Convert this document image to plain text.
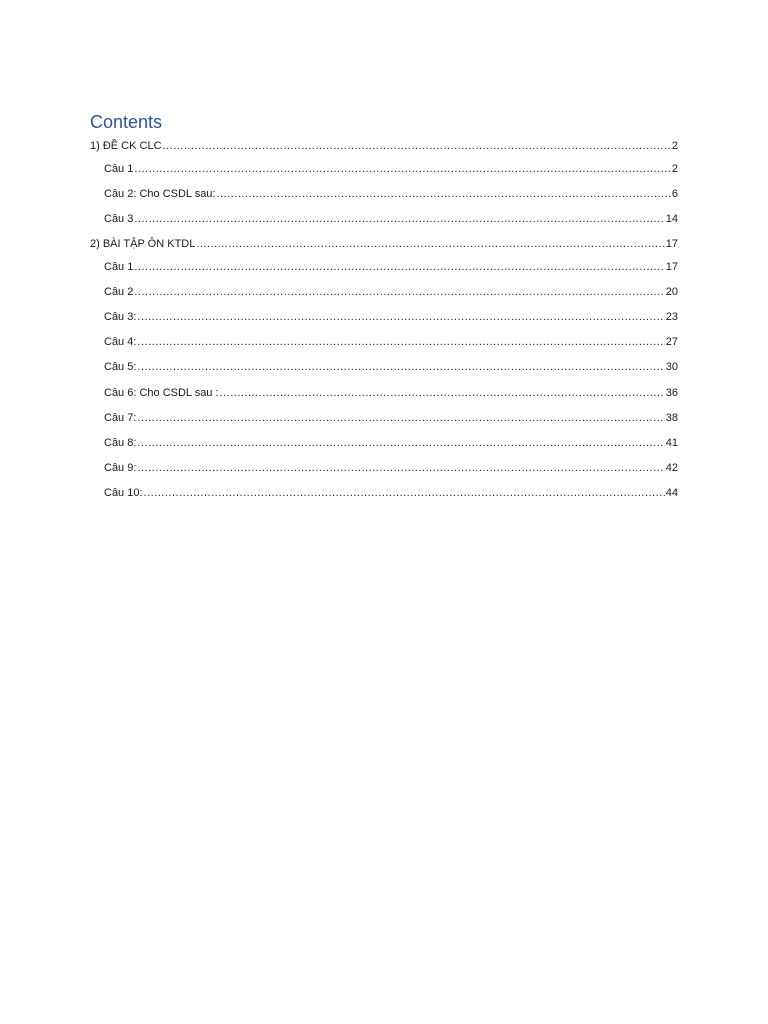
Contents
1) ĐỀ CK CLC .....	2
Câu 1 .....	2
Câu 2: Cho CSDL sau: .....	6
Câu 3 .....	14
2) BÀI TẬP ÔN KTDL .....	17
Câu 1 .....	17
Câu 2 .....	20
Câu 3: .....	23
Câu 4: .....	27
Câu 5: .....	30
Câu 6: Cho CSDL sau : .....	36
Câu 7: .....	38
Câu 8: .....	41
Câu 9: .....	42
Câu 10: .....	44
